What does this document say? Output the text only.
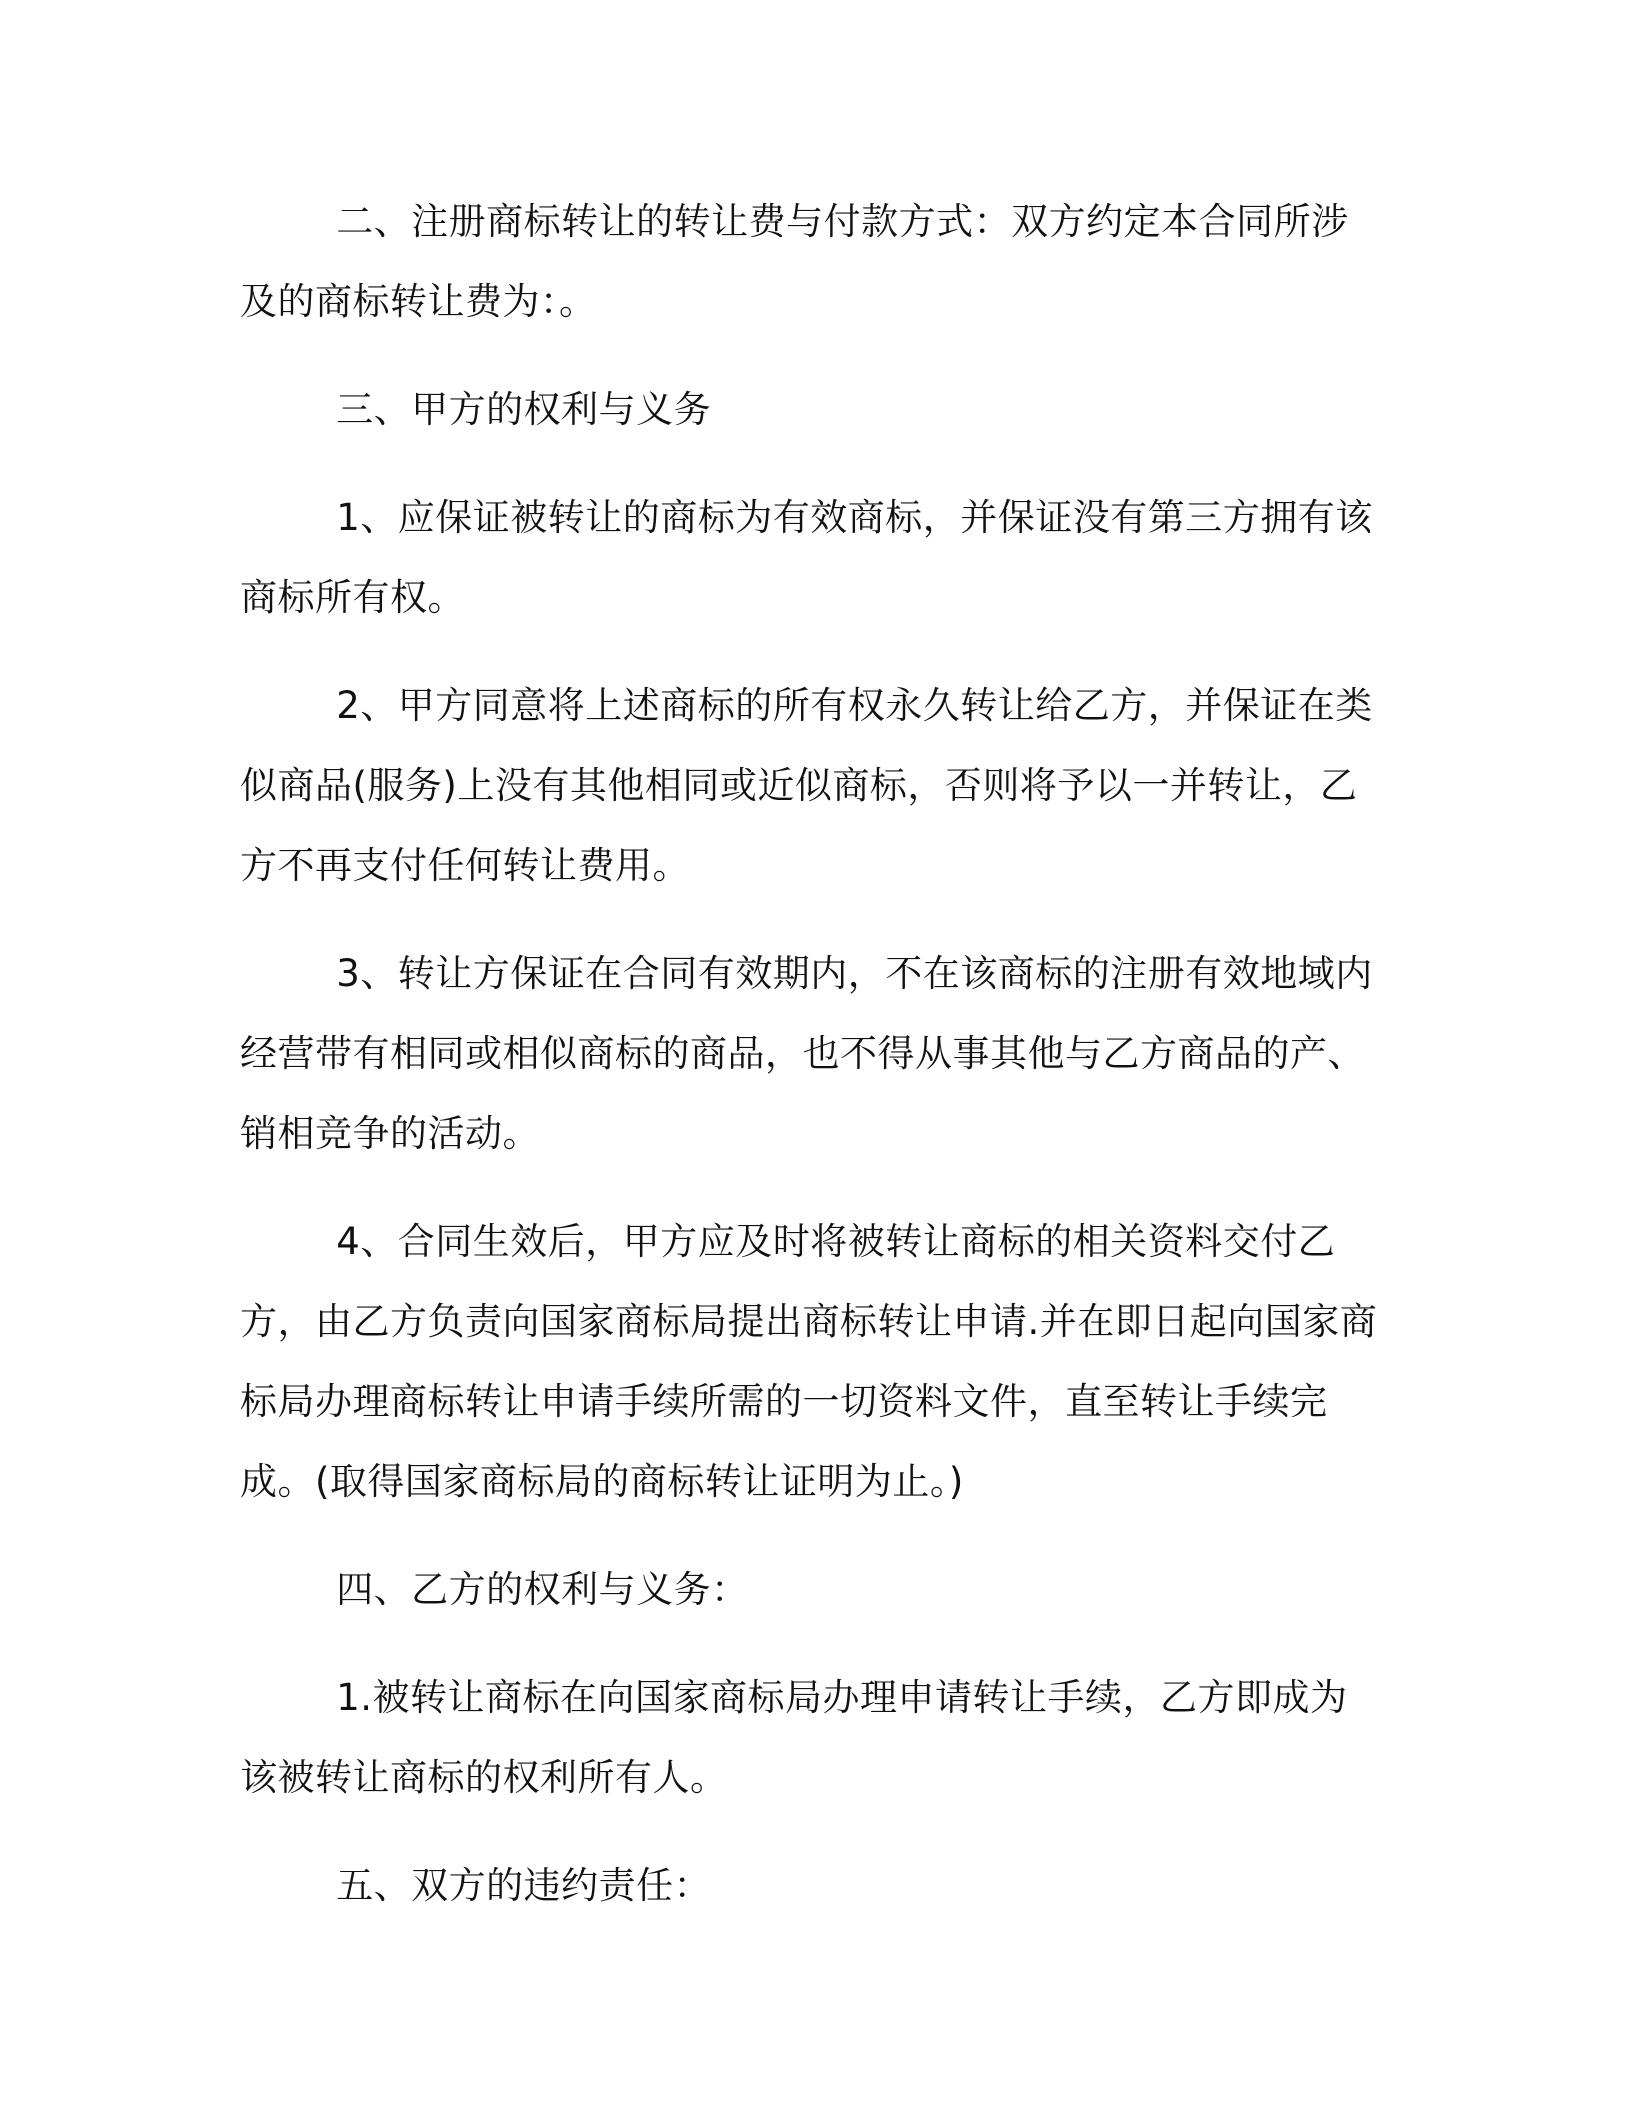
二、注册商标转让的转让费与付款方式：双方约定本合同所涉及的商标转让费为：。

三、甲方的权利与义务

1、应保证被转让的商标为有效商标，并保证没有第三方拥有该商标所有权。

2、甲方同意将上述商标的所有权永久转让给乙方，并保证在类似商品(服务)上没有其他相同或近似商标，否则将予以一并转让，乙方不再支付任何转让费用。

3、转让方保证在合同有效期内，不在该商标的注册有效地域内经营带有相同或相似商标的商品，也不得从事其他与乙方商品的产、销相竞争的活动。

4、合同生效后，甲方应及时将被转让商标的相关资料交付乙方，由乙方负责向国家商标局提出商标转让申请.并在即日起向国家商标局办理商标转让申请手续所需的一切资料文件，直至转让手续完成。(取得国家商标局的商标转让证明为止。)

四、乙方的权利与义务：

1.被转让商标在向国家商标局办理申请转让手续，乙方即成为该被转让商标的权利所有人。

五、双方的违约责任：
